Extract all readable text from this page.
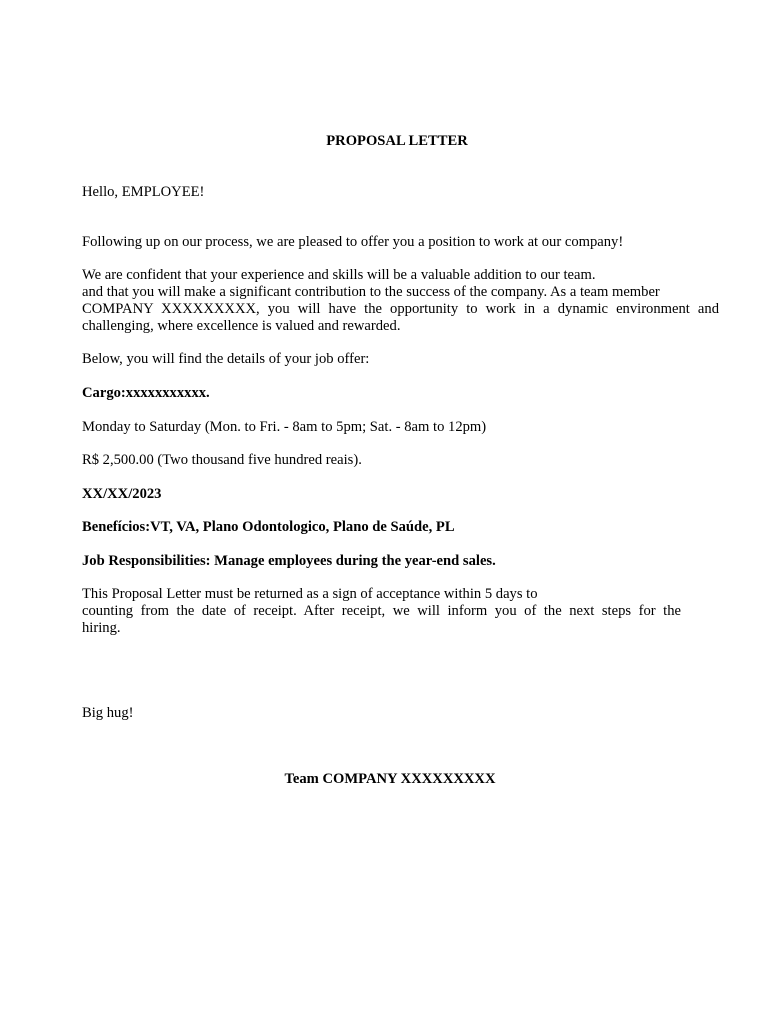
PROPOSAL LETTER
Hello, EMPLOYEE!
Following up on our process, we are pleased to offer you a position to work at our company!
We are confident that your experience and skills will be a valuable addition to our team.
and that you will make a significant contribution to the success of the company. As a team member
COMPANY XXXXXXXXX, you will have the opportunity to work in a dynamic environment and
challenging, where excellence is valued and rewarded.
Below, you will find the details of your job offer:
Cargo:xxxxxxxxxxx.
Monday to Saturday (Mon. to Fri. - 8am to 5pm; Sat. - 8am to 12pm)
R$ 2,500.00 (Two thousand five hundred reais).
XX/XX/2023
Benefícios:VT, VA, Plano Odontologico, Plano de Saúde, PL
Job Responsibilities: Manage employees during the year-end sales.
This Proposal Letter must be returned as a sign of acceptance within 5 days to
counting from the date of receipt. After receipt, we will inform you of the next steps for the
hiring.
Big hug!
Team COMPANY XXXXXXXXX
